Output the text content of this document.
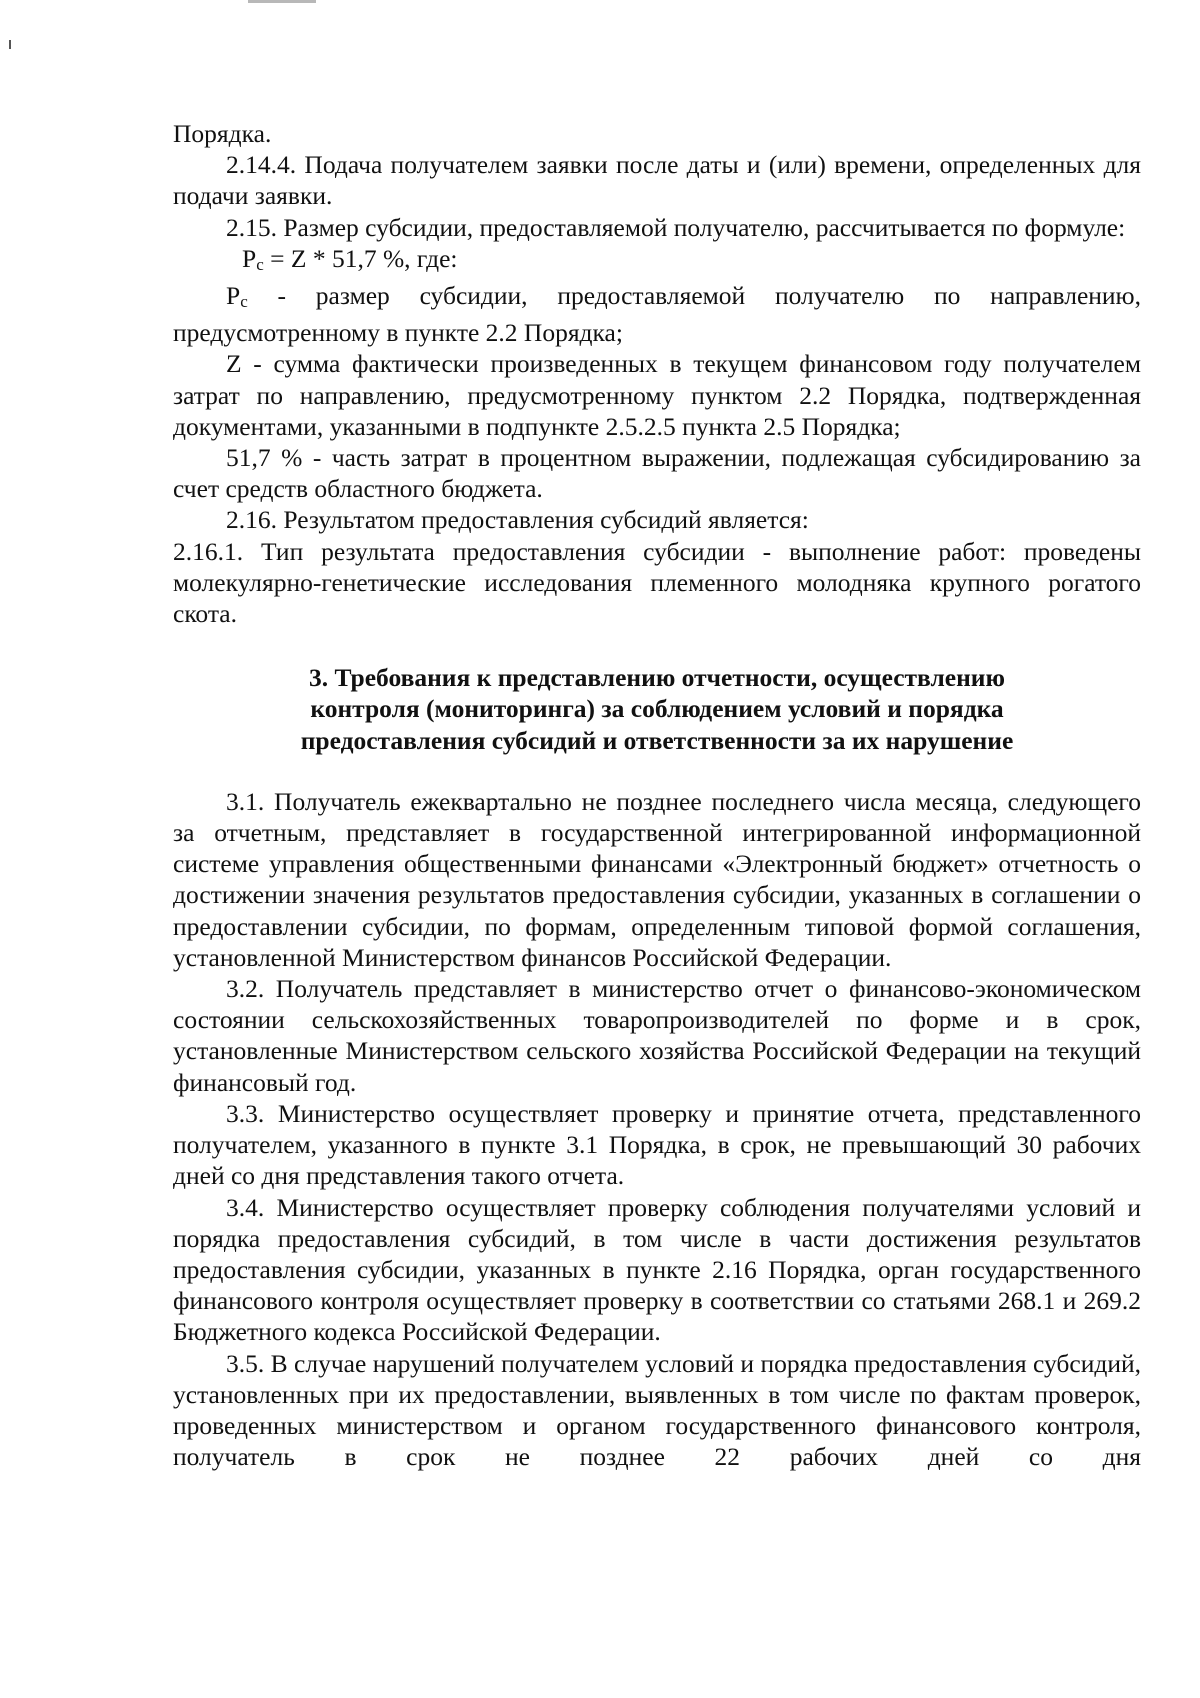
Порядка.

2.14.4. Подача получателем заявки после даты и (или) времени, определенных для подачи заявки.

2.15. Размер субсидии, предоставляемой получателю, рассчитывается по формуле:

Pс = Z * 51,7 %, где:

Pс - размер субсидии, предоставляемой получателю по направлению, предусмотренному в пункте 2.2 Порядка;

Z - сумма фактически произведенных в текущем финансовом году получателем затрат по направлению, предусмотренному пунктом 2.2 Порядка, подтвержденная документами, указанными в подпункте 2.5.2.5 пункта 2.5 Порядка;

51,7 % - часть затрат в процентном выражении, подлежащая субсидированию за счет средств областного бюджета.

2.16. Результатом предоставления субсидий является:

2.16.1. Тип результата предоставления субсидии - выполнение работ: проведены молекулярно-генетические исследования племенного молодняка крупного рогатого скота.

3. Требования к представлению отчетности, осуществлению
контроля (мониторинга) за соблюдением условий и порядка
предоставления субсидий и ответственности за их нарушение

3.1. Получатель ежеквартально не позднее последнего числа месяца, следующего за отчетным, представляет в государственной интегрированной информационной системе управления общественными финансами «Электронный бюджет» отчетность о достижении значения результатов предоставления субсидии, указанных в соглашении о предоставлении субсидии, по формам, определенным типовой формой соглашения, установленной Министерством финансов Российской Федерации.

3.2. Получатель представляет в министерство отчет о финансово-экономическом состоянии сельскохозяйственных товаропроизводителей по форме и в срок, установленные Министерством сельского хозяйства Российской Федерации на текущий финансовый год.

3.3. Министерство осуществляет проверку и принятие отчета, представленного получателем, указанного в пункте 3.1 Порядка, в срок, не превышающий 30 рабочих дней со дня представления такого отчета.

3.4. Министерство осуществляет проверку соблюдения получателями условий и порядка предоставления субсидий, в том числе в части достижения результатов предоставления субсидии, указанных в пункте 2.16 Порядка, орган государственного финансового контроля осуществляет проверку в соответствии со статьями 268.1 и 269.2 Бюджетного кодекса Российской Федерации.

3.5. В случае нарушений получателем условий и порядка предоставления субсидий, установленных при их предоставлении, выявленных в том числе по фактам проверок, проведенных министерством и органом государственного финансового контроля, получатель в срок не позднее 22 рабочих дней со дня
